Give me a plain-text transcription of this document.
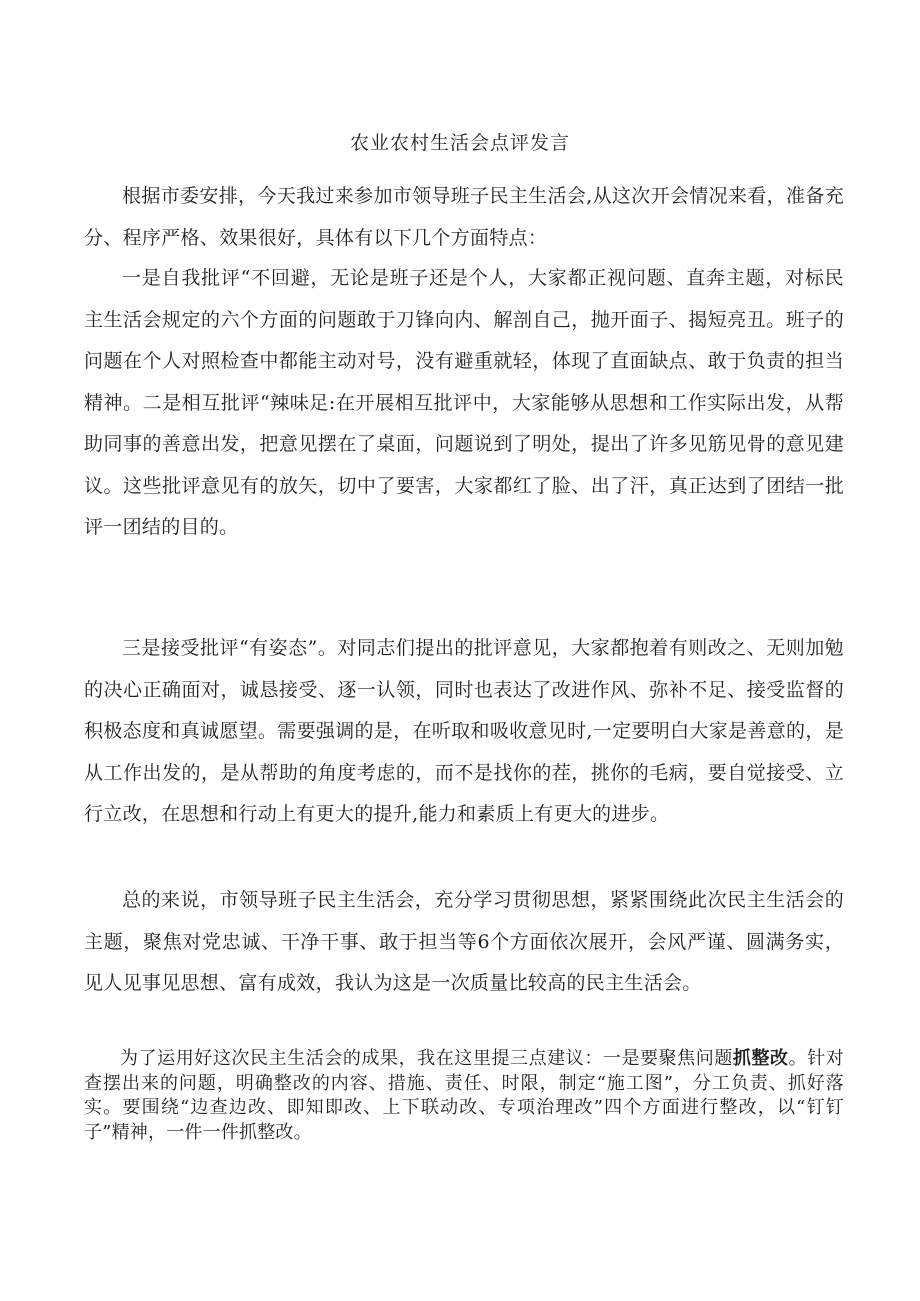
农业农村生活会点评发言

根据市委安排，今天我过来参加市领导班子民主生活会,从这次开会情况来看，准备充分、程序严格、效果很好，具体有以下几个方面特点：

一是自我批评“不回避，无论是班子还是个人，大家都正视问题、直奔主题，对标民主生活会规定的六个方面的问题敢于刀锋向内、解剖自己，抛开面子、揭短亮丑。班子的问题在个人对照检查中都能主动对号，没有避重就轻，体现了直面缺点、敢于负责的担当精神。二是相互批评“辣味足:在开展相互批评中，大家能够从思想和工作实际出发，从帮助同事的善意出发，把意见摆在了桌面，问题说到了明处，提出了许多见筋见骨的意见建议。这些批评意见有的放矢，切中了要害，大家都红了脸、出了汗，真正达到了团结一批评一团结的目的。

三是接受批评“有姿态”。对同志们提出的批评意见，大家都抱着有则改之、无则加勉的决心正确面对，诚恳接受、逐一认领，同时也表达了改进作风、弥补不足、接受监督的积极态度和真诚愿望。需要强调的是，在听取和吸收意见时,一定要明白大家是善意的，是从工作出发的，是从帮助的角度考虑的，而不是找你的茬，挑你的毛病，要自觉接受、立行立改，在思想和行动上有更大的提升,能力和素质上有更大的进步。

总的来说，市领导班子民主生活会，充分学习贯彻思想，紧紧围绕此次民主生活会的主题，聚焦对党忠诚、干净干事、敢于担当等6个方面依次展开，会风严谨、圆满务实，见人见事见思想、富有成效，我认为这是一次质量比较高的民主生活会。

为了运用好这次民主生活会的成果，我在这里提三点建议：一是要聚焦问题抓整改。针对查摆出来的问题，明确整改的内容、措施、责任、时限，制定“施工图”，分工负责、抓好落实。要围绕“边查边改、即知即改、上下联动改、专项治理改”四个方面进行整改，以“钉钉子”精神，一件一件抓整改。
